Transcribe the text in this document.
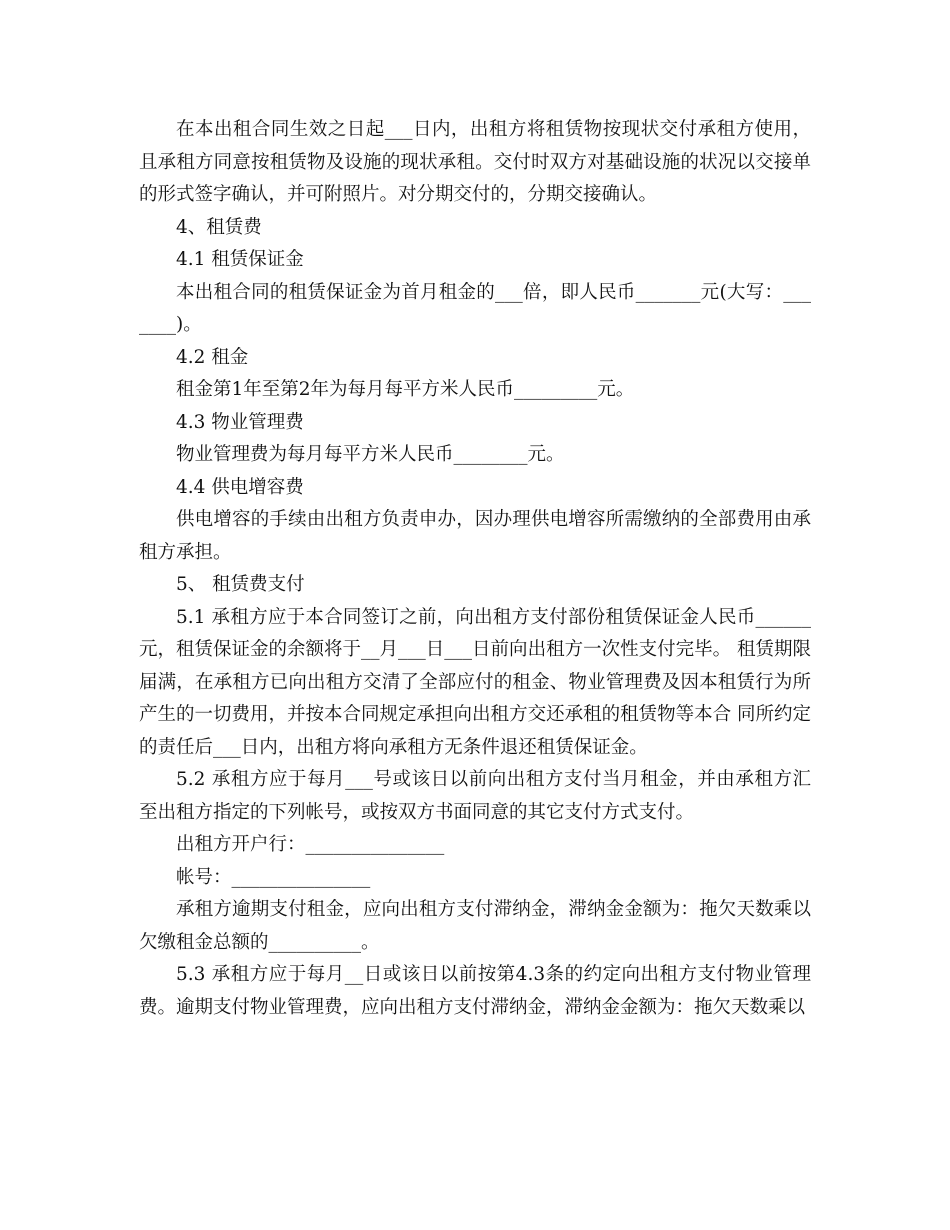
在本出租合同生效之日起___日内，出租方将租赁物按现状交付承租方使用，且承租方同意按租赁物及设施的现状承租。交付时双方对基础设施的状况以交接单的形式签字确认，并可附照片。对分期交付的，分期交接确认。

4、租赁费

4.1 租赁保证金

本出租合同的租赁保证金为首月租金的___倍，即人民币_______元(大写：_______)。

4.2 租金

租金第1年至第2年为每月每平方米人民币_________元。

4.3 物业管理费

物业管理费为每月每平方米人民币________元。

4.4 供电增容费

供电增容的手续由出租方负责申办，因办理供电增容所需缴纳的全部费用由承租方承担。

5、 租赁费支付

5.1 承租方应于本合同签订之前，向出租方支付部份租赁保证金人民币______元，租赁保证金的余额将于__月___日___日前向出租方一次性支付完毕。 租赁期限届满，在承租方已向出租方交清了全部应付的租金、物业管理费及因本租赁行为所产生的一切费用，并按本合同规定承担向出租方交还承租的租赁物等本合 同所约定的责任后___日内，出租方将向承租方无条件退还租赁保证金。

5.2 承租方应于每月___号或该日以前向出租方支付当月租金，并由承租方汇至出租方指定的下列帐号，或按双方书面同意的其它支付方式支付。

出租方开户行：_______________

帐号：_______________

承租方逾期支付租金，应向出租方支付滞纳金，滞纳金金额为：拖欠天数乘以欠缴租金总额的__________。

5.3 承租方应于每月__日或该日以前按第4.3条的约定向出租方支付物业管理费。逾期支付物业管理费，应向出租方支付滞纳金，滞纳金金额为：拖欠天数乘以
